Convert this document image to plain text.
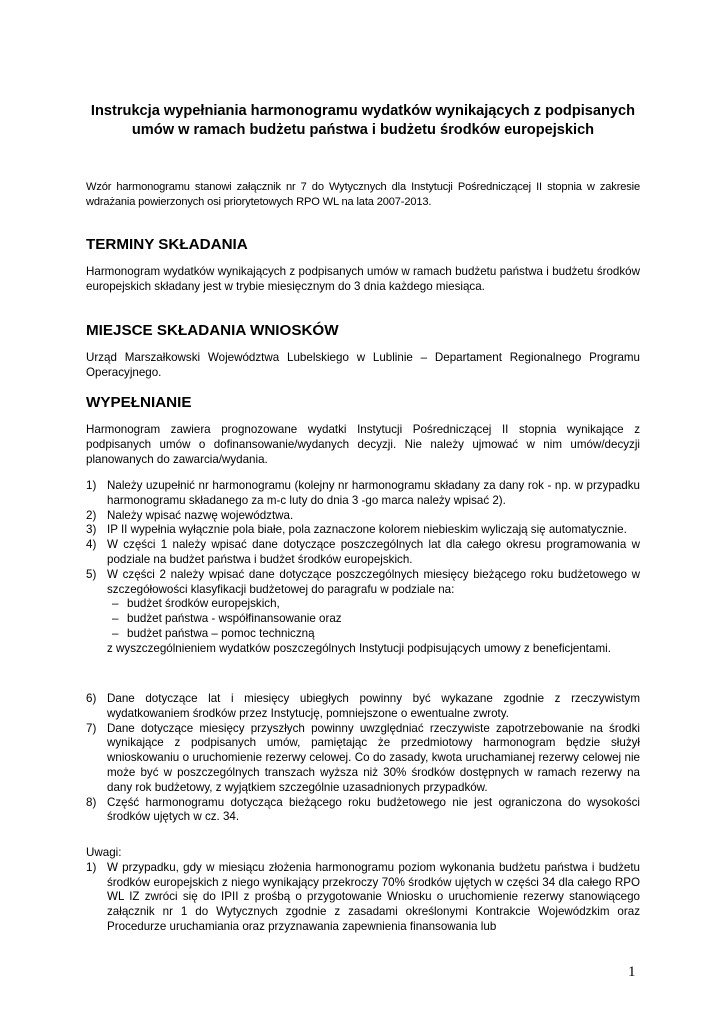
Instrukcja wypełniania harmonogramu wydatków wynikających z podpisanych umów w ramach budżetu państwa i budżetu środków europejskich
Wzór harmonogramu stanowi załącznik nr 7 do Wytycznych dla Instytucji Pośredniczącej II stopnia w zakresie wdrażania powierzonych osi priorytetowych RPO WL na lata 2007-2013.
TERMINY SKŁADANIA
Harmonogram wydatków wynikających z podpisanych umów w ramach budżetu państwa i budżetu środków europejskich składany jest w trybie miesięcznym do 3 dnia każdego miesiąca.
MIEJSCE SKŁADANIA WNIOSKÓW
Urząd Marszałkowski Województwa Lubelskiego w Lublinie – Departament Regionalnego Programu Operacyjnego.
WYPEŁNIANIE
Harmonogram zawiera prognozowane wydatki Instytucji Pośredniczącej II stopnia wynikające z podpisanych umów o dofinansowanie/wydanych decyzji. Nie należy ujmować w nim umów/decyzji planowanych do zawarcia/wydania.
1) Należy uzupełnić nr harmonogramu (kolejny nr harmonogramu składany za dany rok - np. w przypadku harmonogramu składanego za m-c luty do dnia 3 -go marca należy wpisać 2).
2) Należy wpisać nazwę województwa.
3) IP II wypełnia wyłącznie pola białe, pola zaznaczone kolorem niebieskim wyliczają się automatycznie.
4) W części 1 należy wpisać dane dotyczące poszczególnych lat dla całego okresu programowania w podziale na budżet państwa i budżet środków europejskich.
5) W części 2 należy wpisać dane dotyczące poszczególnych miesięcy bieżącego roku budżetowego w szczegółowości klasyfikacji budżetowej do paragrafu w podziale na:
– budżet środków europejskich,
– budżet państwa - współfinansowanie oraz
– budżet państwa – pomoc techniczną
z wyszczególnieniem wydatków poszczególnych Instytucji podpisujących umowy z beneficjentami.
6) Dane dotyczące lat i miesięcy ubiegłych powinny być wykazane zgodnie z rzeczywistym wydatkowaniem środków przez Instytucję, pomniejszone o ewentualne zwroty.
7) Dane dotyczące miesięcy przyszłych powinny uwzględniać rzeczywiste zapotrzebowanie na środki wynikające z podpisanych umów, pamiętając że przedmiotowy harmonogram będzie służył wnioskowaniu o uruchomienie rezerwy celowej. Co do zasady, kwota uruchamianej rezerwy celowej nie może być w poszczególnych transzach wyższa niż 30% środków dostępnych w ramach rezerwy na dany rok budżetowy, z wyjątkiem szczególnie uzasadnionych przypadków.
8) Część harmonogramu dotycząca bieżącego roku budżetowego nie jest ograniczona do wysokości środków ujętych w cz. 34.
Uwagi:
1) W przypadku, gdy w miesiącu złożenia harmonogramu poziom wykonania budżetu państwa i budżetu środków europejskich z niego wynikający przekroczy 70% środków ujętych w części 34 dla całego RPO WL IZ zwróci się do IPII z prośbą o przygotowanie Wniosku o uruchomienie rezerwy stanowiącego załącznik nr 1 do Wytycznych zgodnie z zasadami określonymi Kontrakcie Wojewódzkim oraz Procedurze uruchamiania oraz przyznawania zapewnienia finansowania lub
1
